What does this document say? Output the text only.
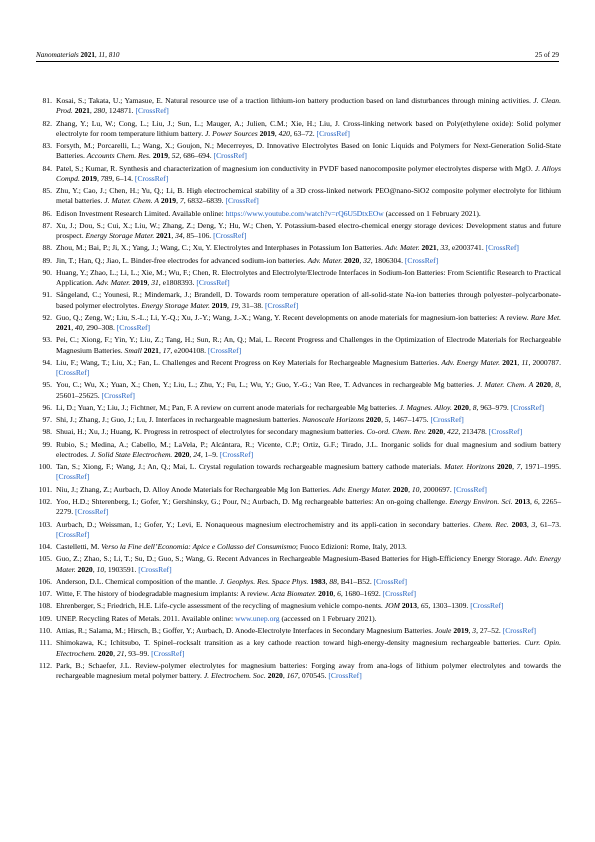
Nanomaterials 2021, 11, 810	25 of 29
81. Kosai, S.; Takata, U.; Yamasue, E. Natural resource use of a traction lithium-ion battery production based on land disturbances through mining activities. J. Clean. Prod. 2021, 280, 124871. [CrossRef]
82. Zhang, Y.; Lu, W.; Cong, L.; Liu, J.; Sun, L.; Mauger, A.; Julien, C.M.; Xie, H.; Liu, J. Cross-linking network based on Poly(ethylene oxide): Solid polymer electrolyte for room temperature lithium battery. J. Power Sources 2019, 420, 63–72. [CrossRef]
83. Forsyth, M.; Porcarelli, L.; Wang, X.; Goujon, N.; Mecerreyes, D. Innovative Electrolytes Based on Ionic Liquids and Polymers for Next-Generation Solid-State Batteries. Accounts Chem. Res. 2019, 52, 686–694. [CrossRef]
84. Patel, S.; Kumar, R. Synthesis and characterization of magnesium ion conductivity in PVDF based nanocomposite polymer electrolytes disperse with MgO. J. Alloys Compd. 2019, 789, 6–14. [CrossRef]
85. Zhu, Y.; Cao, J.; Chen, H.; Yu, Q.; Li, B. High electrochemical stability of a 3D cross-linked network PEO@nano-SiO2 composite polymer electrolyte for lithium metal batteries. J. Mater. Chem. A 2019, 7, 6832–6839. [CrossRef]
86. Edison Investment Research Limited. Available online: https://www.youtube.com/watch?v=rQ6U5DtxEOw (accessed on 1 February 2021).
87. Xu, J.; Dou, S.; Cui, X.; Liu, W.; Zhang, Z.; Deng, Y.; Hu, W.; Chen, Y. Potassium-based electro-chemical energy storage devices: Development status and future prospect. Energy Storage Mater. 2021, 34, 85–106. [CrossRef]
88. Zhou, M.; Bai, P.; Ji, X.; Yang, J.; Wang, C.; Xu, Y. Electrolytes and Interphases in Potassium Ion Batteries. Adv. Mater. 2021, 33, e2003741. [CrossRef]
89. Jin, T.; Han, Q.; Jiao, L. Binder-free electrodes for advanced sodium-ion batteries. Adv. Mater. 2020, 32, 1806304. [CrossRef]
90. Huang, Y.; Zhao, L.; Li, L.; Xie, M.; Wu, F.; Chen, R. Electrolytes and Electrolyte/Electrode Interfaces in Sodium-Ion Batteries: From Scientific Research to Practical Application. Adv. Mater. 2019, 31, e1808393. [CrossRef]
91. Sångeland, C.; Younesi, R.; Mindemark, J.; Brandell, D. Towards room temperature operation of all-solid-state Na-ion batteries through polyester–polycarbonate-based polymer electrolytes. Energy Storage Mater. 2019, 19, 31–38. [CrossRef]
92. Guo, Q.; Zeng, W.; Liu, S.-L.; Li, Y.-Q.; Xu, J.-Y.; Wang, J.-X.; Wang, Y. Recent developments on anode materials for magnesium-ion batteries: A review. Rare Met. 2021, 40, 290–308. [CrossRef]
93. Pei, C.; Xiong, F.; Yin, Y.; Liu, Z.; Tang, H.; Sun, R.; An, Q.; Mai, L. Recent Progress and Challenges in the Optimization of Electrode Materials for Rechargeable Magnesium Batteries. Small 2021, 17, e2004108. [CrossRef]
94. Liu, F.; Wang, T.; Liu, X.; Fan, L. Challenges and Recent Progress on Key Materials for Rechargeable Magnesium Batteries. Adv. Energy Mater. 2021, 11, 2000787. [CrossRef]
95. You, C.; Wu, X.; Yuan, X.; Chen, Y.; Liu, L.; Zhu, Y.; Fu, L.; Wu, Y.; Guo, Y.-G.; Van Ree, T. Advances in rechargeable Mg batteries. J. Mater. Chem. A 2020, 8, 25601–25625. [CrossRef]
96. Li, D.; Yuan, Y.; Liu, J.; Fichtner, M.; Pan, F. A review on current anode materials for rechargeable Mg batteries. J. Magnes. Alloy. 2020, 8, 963–979. [CrossRef]
97. Shi, J.; Zhang, J.; Guo, J.; Lu, J. Interfaces in rechargeable magnesium batteries. Nanoscale Horizons 2020, 5, 1467–1475. [CrossRef]
98. Shuai, H.; Xu, J.; Huang, K. Progress in retrospect of electrolytes for secondary magnesium batteries. Co-ord. Chem. Rev. 2020, 422, 213478. [CrossRef]
99. Rubio, S.; Medina, A.; Cabello, M.; LaVela, P.; Alcántara, R.; Vicente, C.P.; Ortiz, G.F.; Tirado, J.L. Inorganic solids for dual magnesium and sodium battery electrodes. J. Solid State Electrochem. 2020, 24, 1–9. [CrossRef]
100. Tan, S.; Xiong, F.; Wang, J.; An, Q.; Mai, L. Crystal regulation towards rechargeable magnesium battery cathode materials. Mater. Horizons 2020, 7, 1971–1995. [CrossRef]
101. Niu, J.; Zhang, Z.; Aurbach, D. Alloy Anode Materials for Rechargeable Mg Ion Batteries. Adv. Energy Mater. 2020, 10, 2000697. [CrossRef]
102. Yoo, H.D.; Shterenberg, I.; Gofer, Y.; Gershinsky, G.; Pour, N.; Aurbach, D. Mg rechargeable batteries: An on-going challenge. Energy Environ. Sci. 2013, 6, 2265–2279. [CrossRef]
103. Aurbach, D.; Weissman, I.; Gofer, Y.; Levi, E. Nonaqueous magnesium electrochemistry and its appli-cation in secondary batteries. Chem. Rec. 2003, 3, 61–73. [CrossRef]
104. Castelletti, M. Verso la Fine dell’Economia: Apice e Collasso del Consumismo; Fuoco Edizioni: Rome, Italy, 2013.
105. Guo, Z.; Zhao, S.; Li, T.; Su, D.; Guo, S.; Wang, G. Recent Advances in Rechargeable Magnesium-Based Batteries for High-Efficiency Energy Storage. Adv. Energy Mater. 2020, 10, 1903591. [CrossRef]
106. Anderson, D.L. Chemical composition of the mantle. J. Geophys. Res. Space Phys. 1983, 88, B41–B52. [CrossRef]
107. Witte, F. The history of biodegradable magnesium implants: A review. Acta Biomater. 2010, 6, 1680–1692. [CrossRef]
108. Ehrenberger, S.; Friedrich, H.E. Life-cycle assessment of the recycling of magnesium vehicle compo-nents. JOM 2013, 65, 1303–1309. [CrossRef]
109. UNEP. Recycling Rates of Metals. 2011. Available online: www.unep.org (accessed on 1 February 2021).
110. Attias, R.; Salama, M.; Hirsch, B.; Goffer, Y.; Aurbach, D. Anode-Electrolyte Interfaces in Secondary Magnesium Batteries. Joule 2019, 3, 27–52. [CrossRef]
111. Shimokawa, K.; Ichitsubo, T. Spinel–rocksalt transition as a key cathode reaction toward high-energy-density magnesium rechargeable batteries. Curr. Opin. Electrochem. 2020, 21, 93–99. [CrossRef]
112. Park, B.; Schaefer, J.L. Review-polymer electrolytes for magnesium batteries: Forging away from ana-logs of lithium polymer electrolytes and towards the rechargeable magnesium metal polymer battery. J. Electrochem. Soc. 2020, 167, 070545. [CrossRef]
